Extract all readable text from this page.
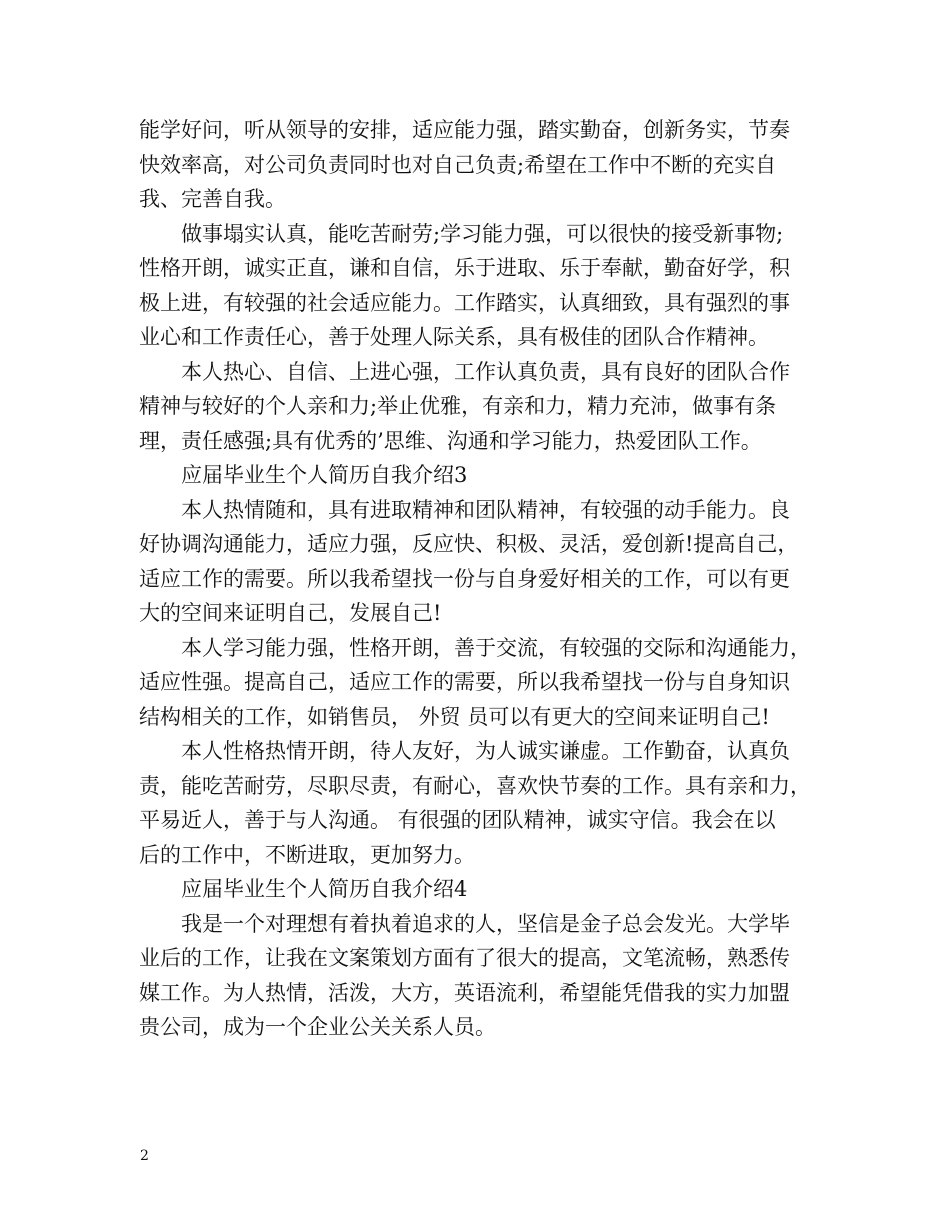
能学好问，听从领导的安排，适应能力强，踏实勤奋，创新务实，节奏
快效率高，对公司负责同时也对自己负责;希望在工作中不断的充实自
我、完善自我。
做事塌实认真，能吃苦耐劳;学习能力强，可以很快的接受新事物;
性格开朗，诚实正直，谦和自信，乐于进取、乐于奉献，勤奋好学，积
极上进，有较强的社会适应能力。工作踏实，认真细致，具有强烈的事
业心和工作责任心，善于处理人际关系，具有极佳的团队合作精神。
本人热心、自信、上进心强，工作认真负责，具有良好的团队合作
精神与较好的个人亲和力;举止优雅，有亲和力，精力充沛，做事有条
理，责任感强;具有优秀的’思维、沟通和学习能力，热爱团队工作。
应届毕业生个人简历自我介绍3
本人热情随和，具有进取精神和团队精神，有较强的动手能力。良
好协调沟通能力，适应力强，反应快、积极、灵活，爱创新!提高自己，
适应工作的需要。所以我希望找一份与自身爱好相关的工作，可以有更
大的空间来证明自己，发展自己!
本人学习能力强，性格开朗，善于交流，有较强的交际和沟通能力，
适应性强。提高自己，适应工作的需要，所以我希望找一份与自身知识
结构相关的工作，如销售员， 外贸 员可以有更大的空间来证明自己!
本人性格热情开朗，待人友好，为人诚实谦虚。工作勤奋，认真负
责，能吃苦耐劳，尽职尽责，有耐心，喜欢快节奏的工作。具有亲和力，
平易近人，善于与人沟通。 有很强的团队精神，诚实守信。我会在以
后的工作中，不断进取，更加努力。
应届毕业生个人简历自我介绍4
我是一个对理想有着执着追求的人，坚信是金子总会发光。大学毕
业后的工作，让我在文案策划方面有了很大的提高，文笔流畅，熟悉传
媒工作。为人热情，活泼，大方，英语流利，希望能凭借我的实力加盟
贵公司，成为一个企业公关关系人员。
2
